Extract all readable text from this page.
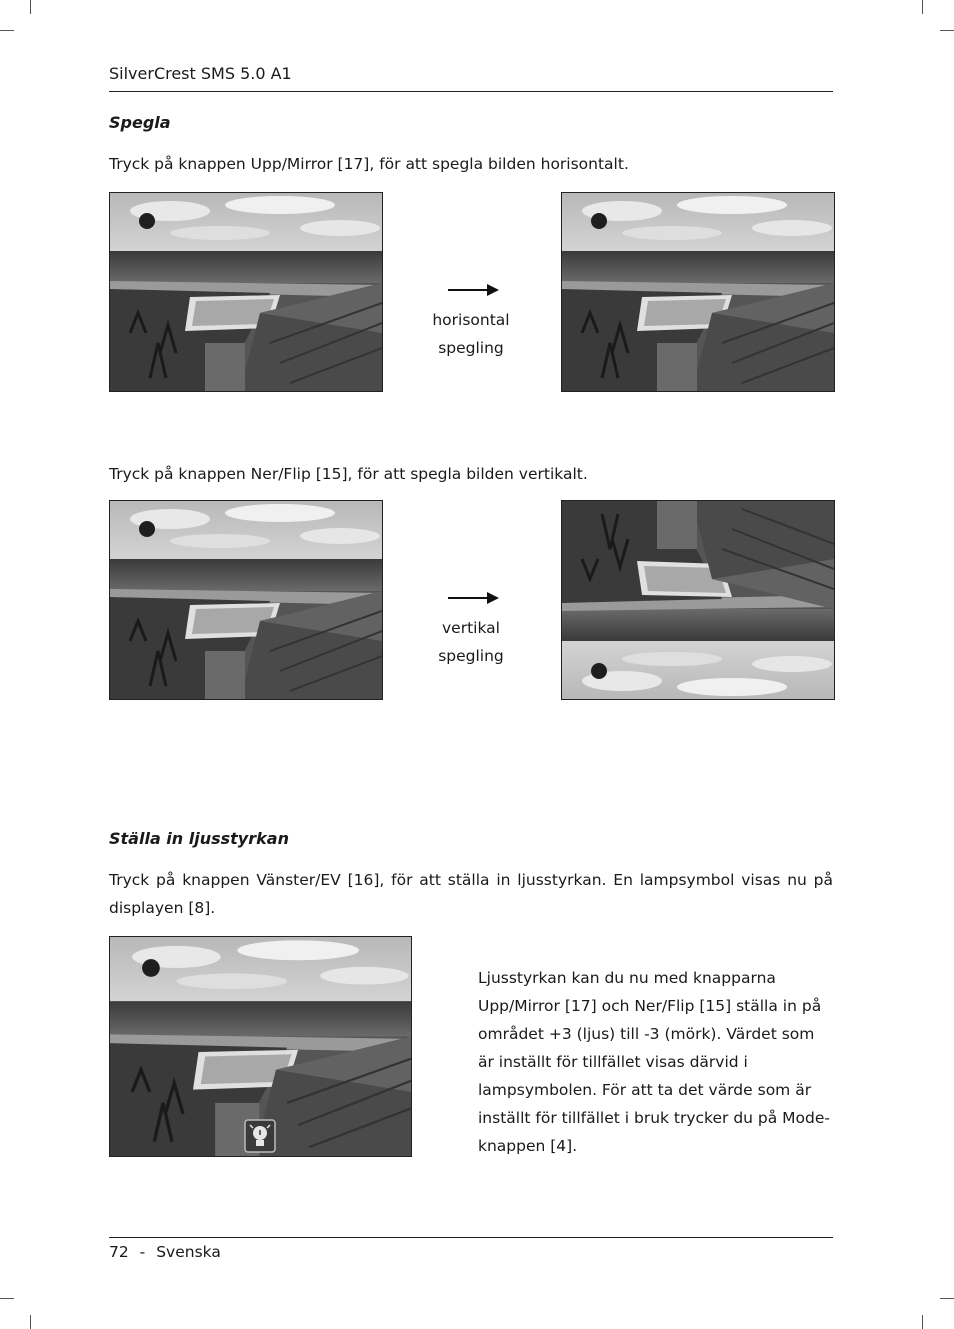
SilverCrest SMS 5.0 A1
Spegla
Tryck på knappen Upp/Mirror [17], för att spegla bilden horisontalt.
horisontal
spegling
Tryck på knappen Ner/Flip [15], för att spegla bilden vertikalt.
vertikal
spegling
Ställa in ljusstyrkan
Tryck på knappen Vänster/EV [16], för att ställa in ljusstyrkan. En lampsymbol visas nu på displayen [8].
Ljusstyrkan kan du nu med knapparna Upp/Mirror [17] och Ner/Flip [15] ställa in på området +3 (ljus) till -3 (mörk). Värdet som är inställt för tillfället visas därvid i lampsymbolen. För att ta det värde som är inställt för tillfället i bruk trycker du på Mode-knappen [4].
72 - Svenska
